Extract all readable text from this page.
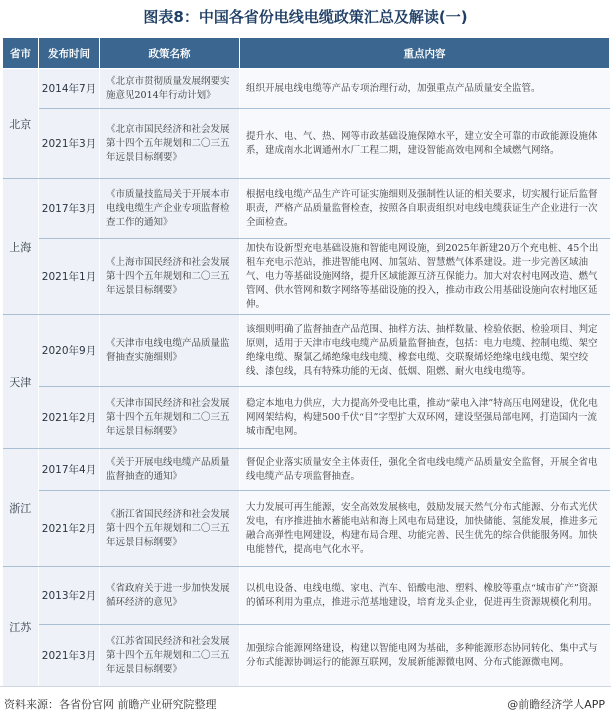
图表8：中国各省份电线电缆政策汇总及解读(一)
省市	发布时间	政策名称	重点内容
北京	2014年7月	《北京市贯彻质量发展纲要实施意见2014年行动计划》	组织开展电线电缆等产品专项治理行动，加强重点产品质量安全监管。
	2021年3月	《北京市国民经济和社会发展第十四个五年规划和二〇三五年远景目标纲要》	提升水、电、气、热、网等市政基础设施保障水平，建立安全可靠的市政能源设施体系，建成南水北调通州水厂工程二期，建设智能高效电网和全域燃气网络。
上海	2017年3月	《市质量技监局关于开展本市电线电缆生产企业专项监督检查工作的通知》	根据电线电缆产品生产许可证实施细则及强制性认证的相关要求，切实履行证后监督职责，严格产品质量监督检查，按照各自职责组织对电线电缆获证生产企业进行一次全面检查。
	2021年1月	《上海市国民经济和社会发展第十四个五年规划和二〇三五年远景目标纲要》	加快布设新型充电基础设施和智能电网设施，到2025年新建20万个充电桩、45个出租车充电示范站，推进智能电网、加氢站、智慧燃气体系建设。进一步完善区域油气、电力等基础设施网络，提升区域能源互济互保能力。加大对农村电网改造、燃气管网、供水管网和数字网络等基础设施的投入，推动市政公用基础设施向农村地区延伸。
天津	2020年9月	《天津市电线电缆产品质量监督抽查实施细则》	该细则明确了监督抽查产品范围、抽样方法、抽样数量、检验依据、检验项目、判定原则，适用于天津市电线电缆产品质量监督抽查，包括：电力电缆、控制电缆、架空绝缘电缆、聚氯乙烯绝缘电线电缆、橡套电缆、交联聚烯烃绝缘电线电缆、架空绞线、漆包线，具有特殊功能的无卤、低烟、阻燃、耐火电线电缆等。
	2021年2月	《天津市国民经济和社会发展第十四个五年规划和二〇三五年远景目标纲要》	稳定本地电力供应，大力提高外受电比重，推动“蒙电入津”特高压电网建设，优化电网网架结构，构建500千伏“目”字型扩大双环网，建设坚强局部电网，打造国内一流城市配电网。
浙江	2017年4月	《关于开展电线电缆产品质量监督抽查的通知》	督促企业落实质量安全主体责任，强化全省电线电缆产品质量安全监督，开展全省电线电缆产品专项监督抽查。
	2021年2月	《浙江省国民经济和社会发展第十四个五年规划和二〇三五年远景目标纲要》	大力发展可再生能源，安全高效发展核电，鼓励发展天然气分布式能源、分布式光伏发电，有序推进抽水蓄能电站和海上风电布局建设，加快储能、氢能发展，推进多元融合高弹性电网建设，构建布局合理、功能完善、民生优先的综合供能服务网。加快电能替代，提高电气化水平。
江苏	2013年2月	《省政府关于进一步加快发展循环经济的意见》	以机电设备、电线电缆、家电、汽车、铅酸电池、塑料、橡胶等重点“城市矿产”资源的循环利用为重点，推进示范基地建设，培育龙头企业，促进再生资源规模化利用。
	2021年3月	《江苏省国民经济和社会发展第十四个五年规划和二〇三五年远景目标纲要》	加强综合能源网络建设，构建以智能电网为基础，多种能源形态协同转化、集中式与分布式能源协调运行的能源互联网，发展新能源微电网、分布式能源微电网。
资料来源：各省份官网 前瞻产业研究院整理	@前瞻经济学人APP
